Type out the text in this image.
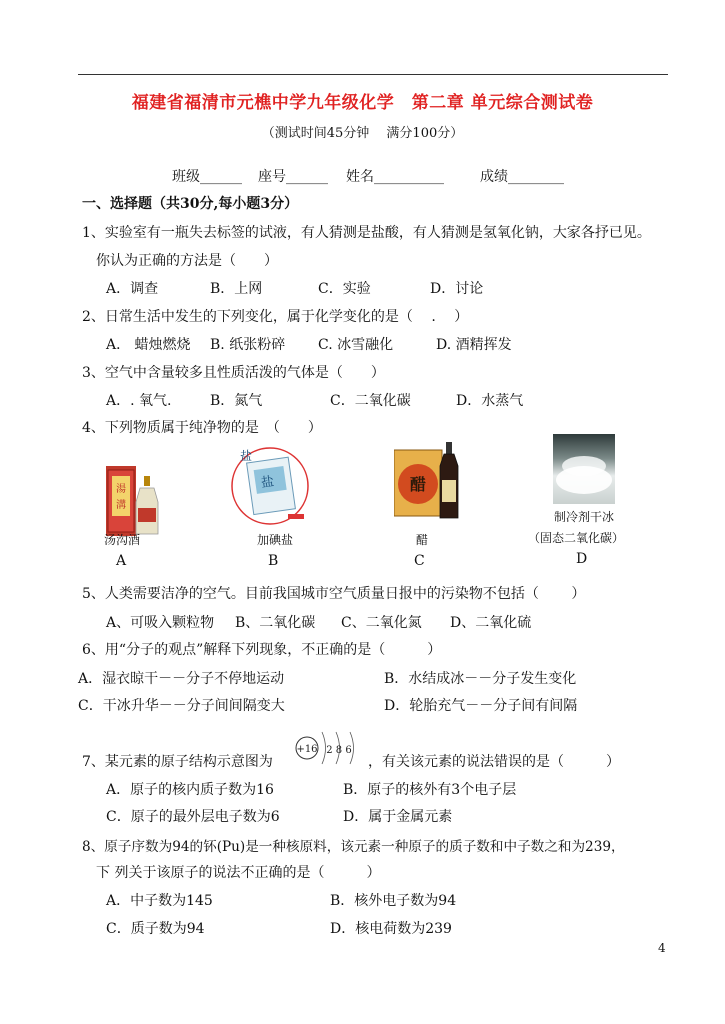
福建省福清市元樵中学九年级化学　第二章 单元综合测试卷
（测试时间45分钟　 满分100分）
班级______ 座号______ 姓名__________	成绩________
一、选择题（共30分,每小题3分）
1、实验室有一瓶失去标签的试液，有人猜测是盐酸，有人猜测是氢氧化钠，大家各抒已见。
你认为正确的方法是（　　）
A．调查	B．上网	C．实验	D．讨论
2、日常生活中发生的下列变化，属于化学变化的是（　 .　 ）
A． 蜡烛燃烧 B. 纸张粉碎 C. 冰雪融化	D. 酒精挥发
3、空气中含量较多且性质活泼的气体是（　　）
A．. 氧气.	B．氮气	C．二氧化碳	D．水蒸气
4、下列物质属于纯净物的是　（　　）
湯
溝
汤沟酒
A
盐
盐
加碘盐
B
醋
醋
C
制冷剂干冰
（固态二氧化碳）
D
5、人类需要洁净的空气。目前我国城市空气质量日报中的污染物不包括（　　 ）
A、可吸入颗粒物 B、二氧化碳 C、二氧化氮 D、二氧化硫
6、用“分子的观点”解释下列现象，不正确的是（　　　）
A．湿衣晾干－－分子不停地运动	B．水结成冰－－分子发生变化
C．干冰升华－－分子间间隔变大	D．轮胎充气－－分子间有间隔
7、某元素的原子结构示意图为
+16 2 8 6
，有关该元素的说法错误的是（　　　）
A．原子的核内质子数为16	B．原子的核外有3个电子层
C．原子的最外层电子数为6	D．属于金属元素
8、原子序数为94的钚(Pu)是一种核原料，该元素一种原子的质子数和中子数之和为239，
下 列关于该原子的说法不正确的是（　　　）
A．中子数为145	B．核外电子数为94
C．质子数为94	D．核电荷数为239
4
